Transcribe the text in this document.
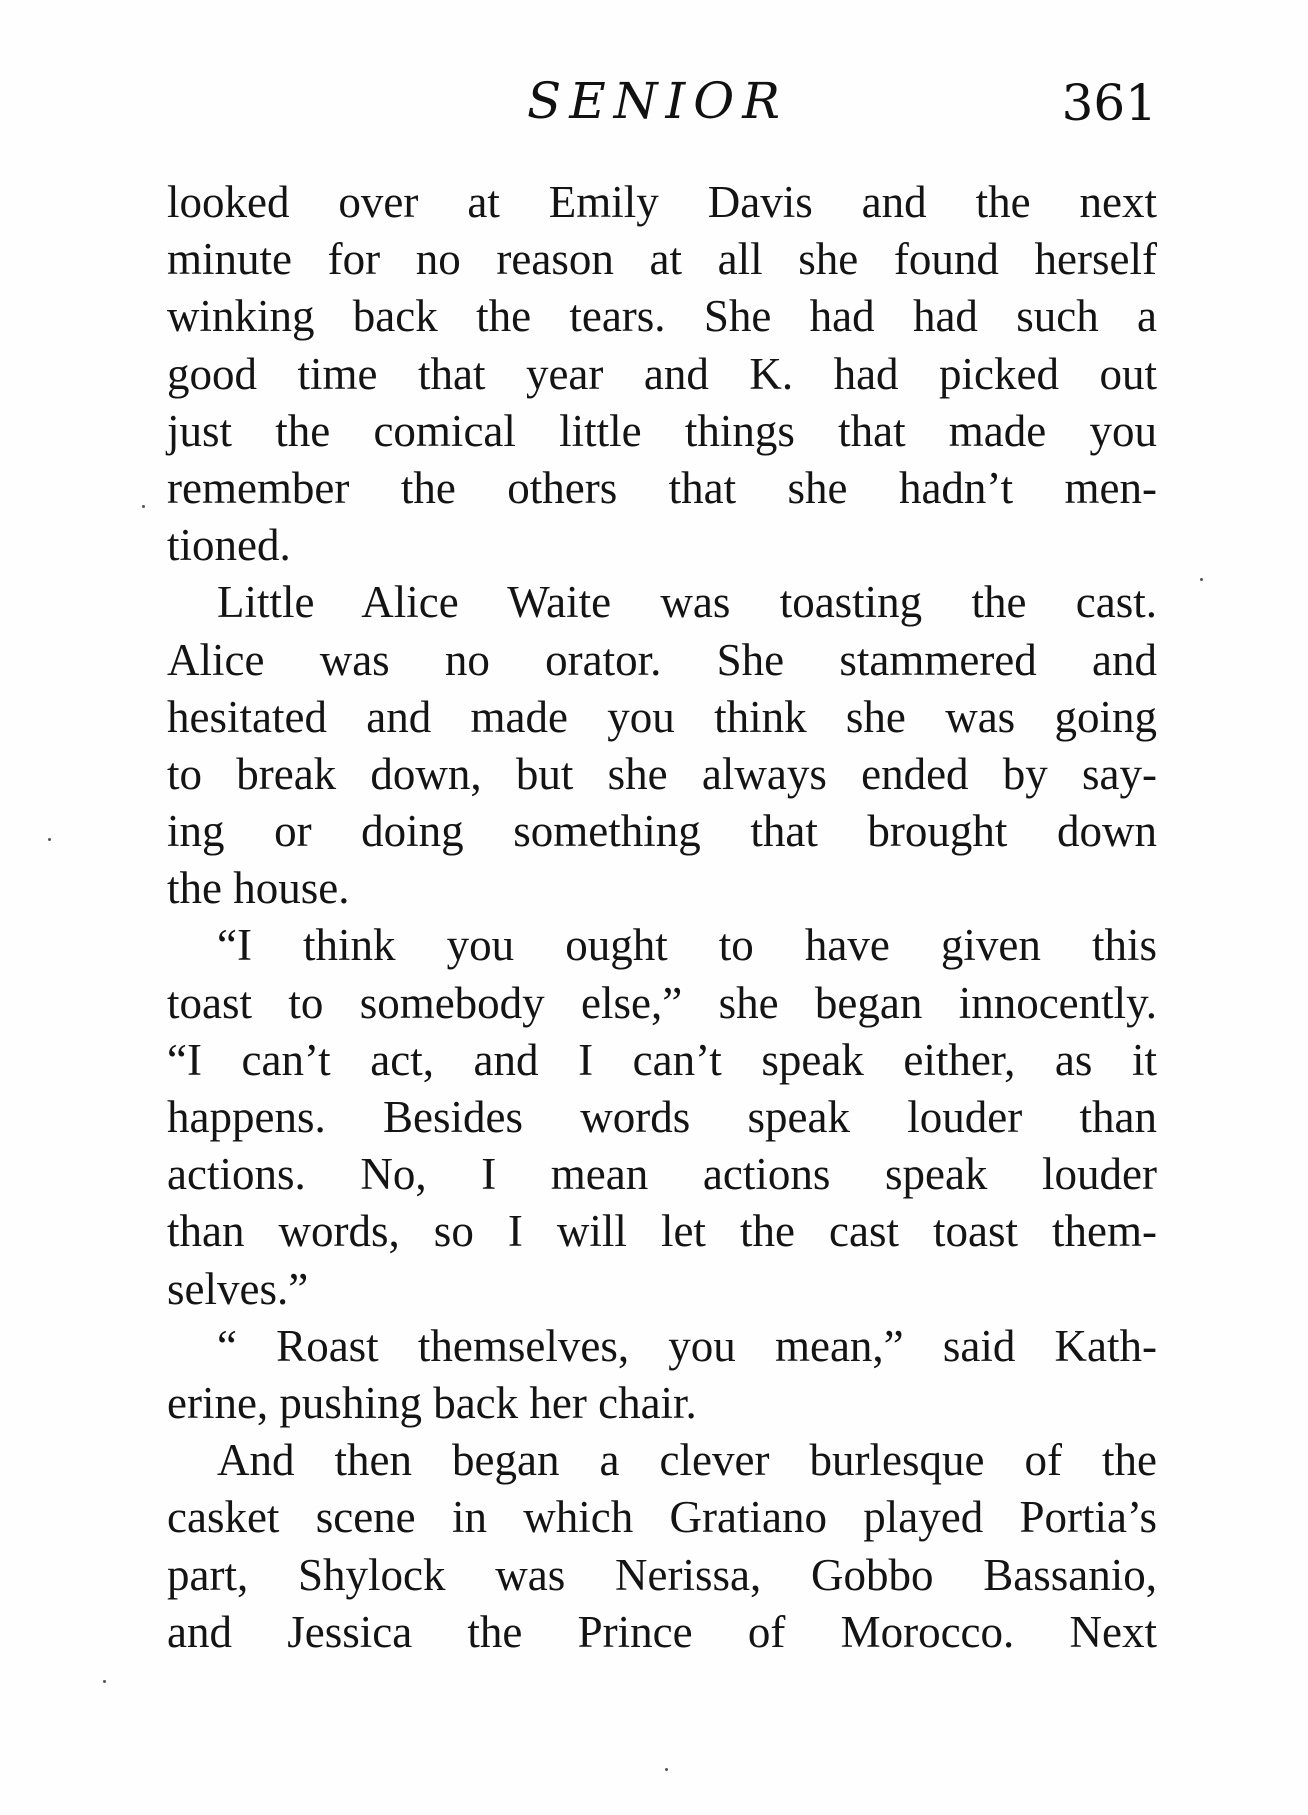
SENIOR	361
looked over at Emily Davis and the next
minute for no reason at all she found herself
winking back the tears. She had had such a
good time that year and K. had picked out
just the comical little things that made you
remember the others that she hadn’t men-
tioned.
Little Alice Waite was toasting the cast.
Alice was no orator. She stammered and
hesitated and made you think she was going
to break down, but she always ended by say-
ing or doing something that brought down
the house.
“I think you ought to have given this
toast to somebody else,” she began innocently.
“I can’t act, and I can’t speak either, as it
happens. Besides words speak louder than
actions. No, I mean actions speak louder
than words, so I will let the cast toast them-
selves.”
“ Roast themselves, you mean,” said Kath-
erine, pushing back her chair.
And then began a clever burlesque of the
casket scene in which Gratiano played Portia’s
part, Shylock was Nerissa, Gobbo Bassanio,
and Jessica the Prince of Morocco. Next
